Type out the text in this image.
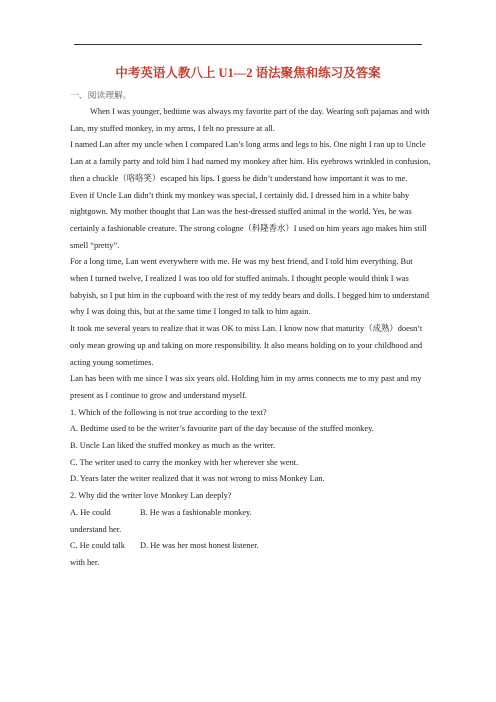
中考英语人教八上 U1—2 语法聚焦和练习及答案
一、阅读理解。

When I was younger, bedtime was always my favorite part of the day. Wearing soft pajamas and with Lan, my stuffed monkey, in my arms, I felt no pressure at all.

I named Lan after my uncle when I compared Lan’s long arms and legs to his. One night I ran up to Uncle Lan at a family party and told him I had named my monkey after him. His eyebrows wrinkled in confusion, then a chuckle（咯咯笑）escaped his lips. I guess he didn’t understand how important it was to me.

Even if Uncle Lan didn’t think my monkey was special, I certainly did. I dressed him in a white baby nightgown. My mother thought that Lan was the best-dressed stuffed animal in the world. Yes, he was certainly a fashionable creature. The strong cologne（科隆香水）I used on him years ago makes him still smell “pretty”.

For a long time, Lan went everywhere with me. He was my best friend, and I told him everything. But when I turned twelve, I realized I was too old for stuffed animals. I thought people would think I was babyish, so I put him in the cupboard with the rest of my teddy bears and dolls. I begged him to understand why I was doing this, but at the same time I longed to talk to him again.

It took me several years to realize that it was OK to miss Lan. I know now that maturity（成熟）doesn’t only mean growing up and taking on more responsibility. It also means holding on to your childhood and acting young sometimes.

Lan has been with me since I was six years old. Holding him in my arms connects me to my past and my present as I continue to grow and understand myself.

1. Which of the following is not true according to the text?

A. Bedtime used to be the writer’s favourite part of the day because of the stuffed monkey.

B. Uncle Lan liked the stuffed monkey as much as the writer.

C. The writer used to carry the monkey with her wherever she went.

D. Years later the writer realized that it was not wrong to miss Monkey Lan.

2. Why did the writer love Monkey Lan deeply?

A. He could understand her.
B. He was a fashionable monkey.
C. He could talk with her.
D. He was her most honest listener.
